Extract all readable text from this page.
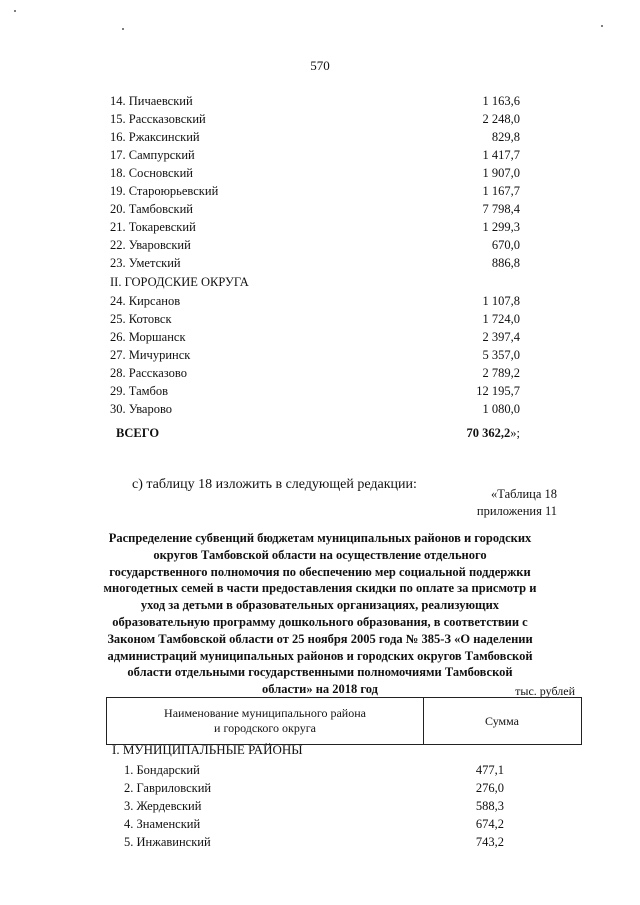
570
14. Пичаевский	1 163,6
15. Рассказовский	2 248,0
16. Ржаксинский	829,8
17. Сампурский	1 417,7
18. Сосновский	1 907,0
19. Староюрьевский	1 167,7
20. Тамбовский	7 798,4
21. Токаревский	1 299,3
22. Уваровский	670,0
23. Уметский	886,8
II. ГОРОДСКИЕ ОКРУГА
24. Кирсанов	1 107,8
25. Котовск	1 724,0
26. Моршанск	2 397,4
27. Мичуринск	5 357,0
28. Рассказово	2 789,2
29. Тамбов	12 195,7
30. Уварово	1 080,0
ВСЕГО	70 362,2»;
с) таблицу 18 изложить в следующей редакции:
«Таблица 18
приложения 11
Распределение субвенций бюджетам муниципальных районов и городских
округов Тамбовской области на осуществление отдельного
государственного полномочия по обеспечению мер социальной поддержки
многодетных семей в части предоставления скидки по оплате за присмотр и
уход за детьми в образовательных организациях, реализующих
образовательную программу дошкольного образования, в соответствии с
Законом Тамбовской области от 25 ноября 2005 года № 385-З «О наделении
администраций муниципальных районов и городских округов Тамбовской
области отдельными государственными полномочиями Тамбовской
области» на 2018 год	тыс. рублей
Наименование муниципального района
и городского округа
Сумма
I. МУНИЦИПАЛЬНЫЕ РАЙОНЫ
1. Бондарский	477,1
2. Гавриловский	276,0
3. Жердевский	588,3
4. Знаменский	674,2
5. Инжавинский	743,2
